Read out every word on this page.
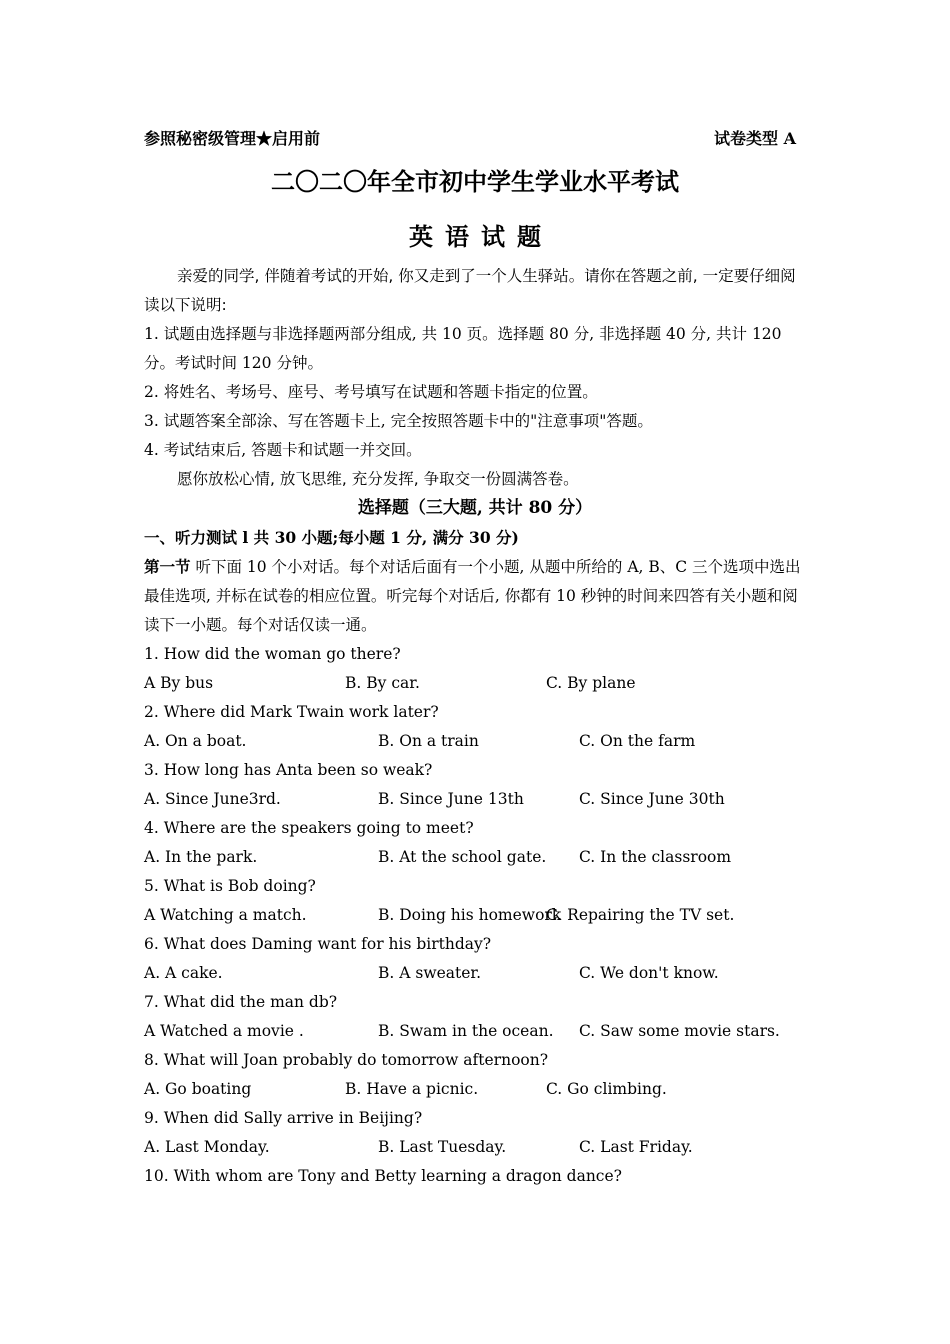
参照秘密级管理★启用前	试卷类型 A
二〇二〇年全市初中学生学业水平考试
英语试题
亲爱的同学, 伴随着考试的开始, 你又走到了一个人生驿站。请你在答题之前, 一定要仔细阅读以下说明:
1. 试题由选择题与非选择题两部分组成, 共 10 页。选择题 80 分, 非选择题 40 分, 共计 120 分。考试时间 120 分钟。
2. 将姓名、考场号、座号、考号填写在试题和答题卡指定的位置。
3. 试题答案全部涂、写在答题卡上, 完全按照答题卡中的"注意事项"答题。
4. 考试结束后, 答题卡和试题一并交回。
愿你放松心情, 放飞思维, 充分发挥, 争取交一份圆满答卷。
选择题（三大题, 共计 80 分）
一、听力测试 l 共 30 小题;每小题 1 分, 满分 30 分)
第一节 听下面 10 个小对话。每个对话后面有一个小题, 从题中所给的 A, B、C 三个选项中选出最佳选项, 并标在试卷的相应位置。听完每个对话后, 你都有 10 秒钟的时间来四答有关小题和阅读下一小题。每个对话仅读一通。
1. How did the woman go there?
A By bus	B. By car.	C. By plane
2. Where did Mark Twain work later?
A. On a boat.	B. On a train	C. On the farm
3. How long has Anta been so weak?
A. Since June3rd.	B. Since June 13th	C. Since June 30th
4. Where are the speakers going to meet?
A. In the park.	B. At the school gate. C. In the classroom
5. What is Bob doing?
A Watching a match.	B. Doing his homework
C. Repairing the TV set.
6. What does Daming want for his birthday?
A. A cake.	B. A sweater.	C. We don't know.
7. What did the man db?
A Watched a movie .	B. Swam in the ocean. C. Saw some movie stars.
8. What will Joan probably do tomorrow afternoon?
A. Go boating	B. Have a picnic.	C. Go climbing.
9. When did Sally arrive in Beijing?
A. Last Monday.	B. Last Tuesday.	C. Last Friday.
10. With whom are Tony and Betty learning a dragon dance?
